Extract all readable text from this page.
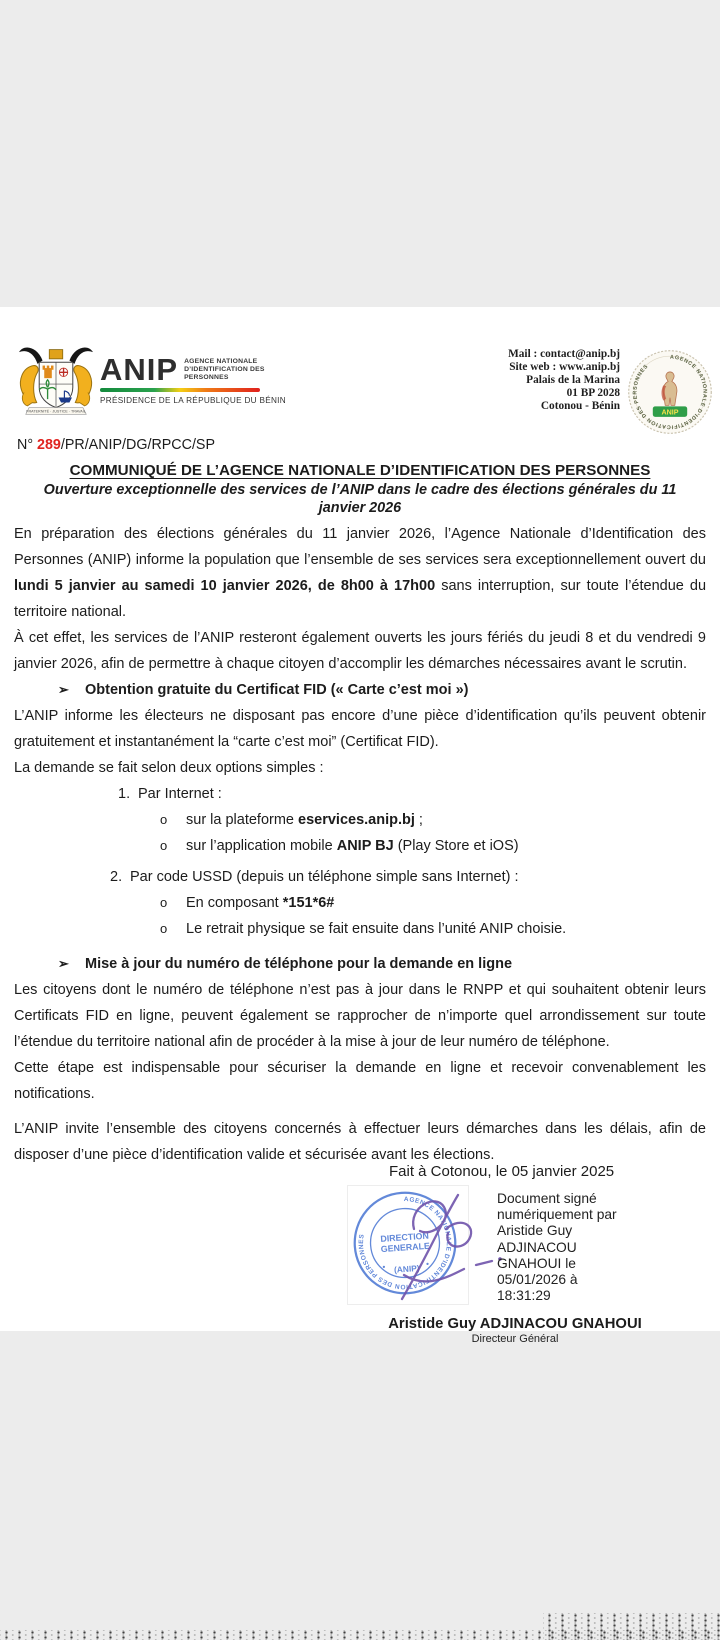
FRATERNITÉ · JUSTICE · TRAVAIL
ANIP AGENCE NATIONALE
D’IDENTIFICATION DES
PERSONNES
PRÉSIDENCE DE LA RÉPUBLIQUE DU BÉNIN
Mail : contact@anip.bj
Site web : www.anip.bj
Palais de la Marina
01 BP 2028
Cotonou - Bénin
AGENCE NATIONALE D'IDENTIFICATION DES PERSONNES
ANIP
N° 289/PR/ANIP/DG/RPCC/SP
COMMUNIQUÉ DE L’AGENCE NATIONALE D’IDENTIFICATION DES PERSONNES
Ouverture exceptionnelle des services de l’ANIP dans le cadre des élections générales du 11 janvier 2026
En préparation des élections générales du 11 janvier 2026, l’Agence Nationale d’Identification des Personnes (ANIP) informe la population que l’ensemble de ses services sera exceptionnellement ouvert du lundi 5 janvier au samedi 10 janvier 2026, de 8h00 à 17h00 sans interruption, sur toute l’étendue du territoire national.
À cet effet, les services de l’ANIP resteront également ouverts les jours fériés du jeudi 8 et du vendredi 9 janvier 2026, afin de permettre à chaque citoyen d’accomplir les démarches nécessaires avant le scrutin.
➢	Obtention gratuite du Certificat FID (« Carte c’est moi »)
L’ANIP informe les électeurs ne disposant pas encore d’une pièce d’identification qu’ils peuvent obtenir gratuitement et instantanément la “carte c’est moi” (Certificat FID).
La demande se fait selon deux options simples :
1. Par Internet :
o	sur la plateforme eservices.anip.bj ;
o	sur l’application mobile ANIP BJ (Play Store et iOS)
2. Par code USSD (depuis un téléphone simple sans Internet) :
o	En composant *151*6#
o	Le retrait physique se fait ensuite dans l’unité ANIP choisie.
➢	Mise à jour du numéro de téléphone pour la demande en ligne
Les citoyens dont le numéro de téléphone n’est pas à jour dans le RNPP et qui souhaitent obtenir leurs Certificats FID en ligne, peuvent également se rapprocher de n’importe quel arrondissement sur toute l’étendue du territoire national afin de procéder à la mise à jour de leur numéro de téléphone.
Cette étape est indispensable pour sécuriser la demande en ligne et recevoir convenablement les notifications.
L’ANIP invite l’ensemble des citoyens concernés à effectuer leurs démarches dans les délais, afin de disposer d’une pièce d’identification valide et sécurisée avant les élections.
Fait à Cotonou, le 05 janvier 2025
AGENCE NATIONALE D'IDENTIFICATION DES PERSONNES	DIRECTION
GENERALE
(ANIP)
•	•
Document signé
numériquement par
Aristide Guy
ADJINACOU
GNAHOUI le
05/01/2026 à
18:31:29
Aristide Guy ADJINACOU GNAHOUI
Directeur Général
